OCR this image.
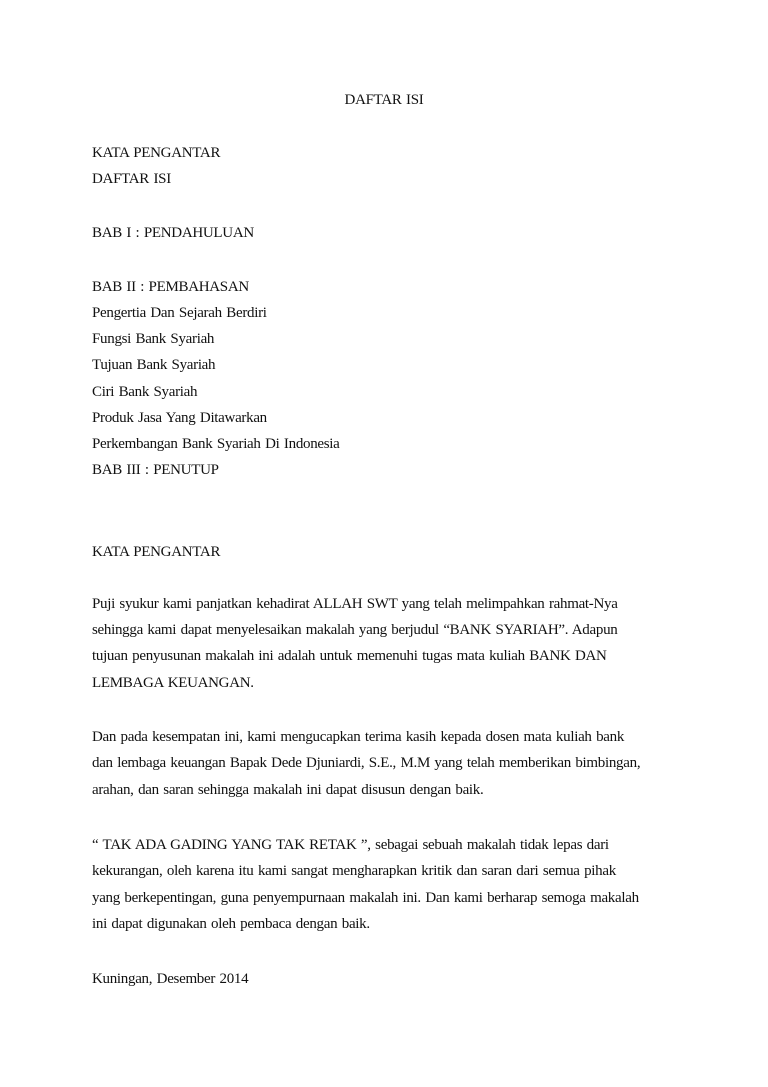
DAFTAR ISI
KATA PENGANTAR
DAFTAR ISI
BAB I : PENDAHULUAN
BAB II : PEMBAHASAN
Pengertia Dan Sejarah Berdiri
Fungsi Bank Syariah
Tujuan Bank Syariah
Ciri Bank Syariah
Produk Jasa Yang Ditawarkan
Perkembangan Bank Syariah Di Indonesia
BAB III : PENUTUP
KATA PENGANTAR
Puji syukur kami panjatkan kehadirat ALLAH SWT yang telah melimpahkan rahmat-Nya
sehingga kami dapat menyelesaikan makalah yang berjudul “BANK SYARIAH”. Adapun
tujuan penyusunan makalah ini adalah untuk memenuhi tugas mata kuliah BANK DAN
LEMBAGA KEUANGAN.
Dan pada kesempatan ini, kami mengucapkan terima kasih kepada dosen mata kuliah bank
dan lembaga keuangan Bapak Dede Djuniardi, S.E., M.M yang telah memberikan bimbingan,
arahan, dan saran sehingga makalah ini dapat disusun dengan baik.
“ TAK ADA GADING YANG TAK RETAK ”, sebagai sebuah makalah tidak lepas dari
kekurangan, oleh karena itu kami sangat mengharapkan kritik dan saran dari semua pihak
yang berkepentingan, guna penyempurnaan makalah ini. Dan kami berharap semoga makalah
ini dapat digunakan oleh pembaca dengan baik.
Kuningan, Desember 2014
